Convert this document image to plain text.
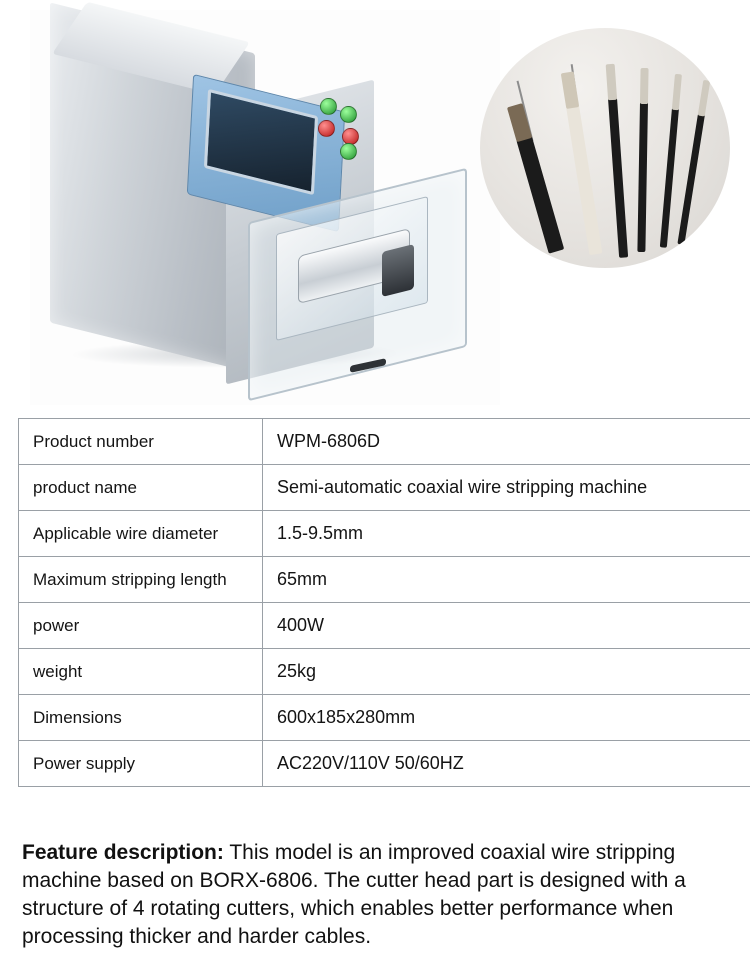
Product number	WPM-6806D
product name	Semi-automatic coaxial wire stripping machine
Applicable wire diameter	1.5-9.5mm
Maximum stripping length	65mm
power	400W
weight	25kg
Dimensions	600x185x280mm
Power supply	AC220V/110V 50/60HZ

Feature description: This model is an improved coaxial wire stripping machine based on BORX-6806. The cutter head part is designed with a structure of 4 rotating cutters, which enables better performance when processing thicker and harder cables.
